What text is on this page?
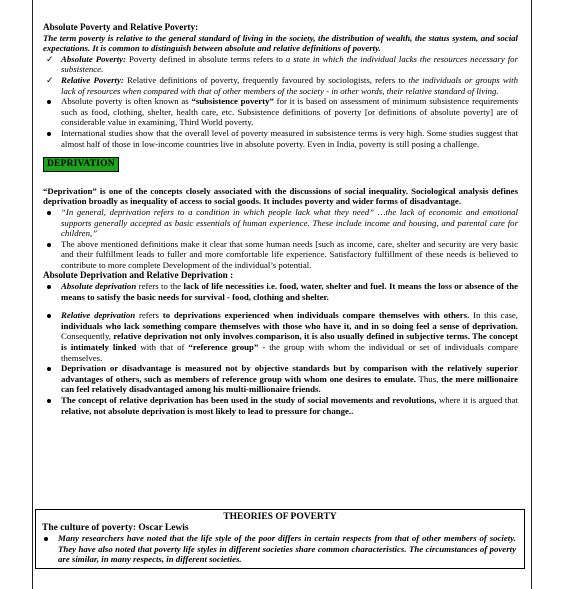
Absolute Poverty and Relative Poverty:
The term poverty is relative to the general standard of living in the society, the distribution of wealth, the status system, and social expectations. It is common to distinguish between absolute and relative definitions of poverty.
✓ Absolute Poverty: Poverty defined in absolute terms refers to a state in which the individual lacks the resources necessary for subsistence.
✓ Relative Poverty: Relative definitions of poverty, frequently favoured by sociologists, refers to the individuals or groups with lack of resources when compared with that of other members of the society - in other words, their relative standard of living.
Absolute poverty is often known as “subsistence poverty” for it is based on assessment of minimum subsistence requirements such as food, clothing, shelter, health care, etc. Subsistence definitions of poverty [or definitions of absolute poverty] are of considerable value in examining, Third World poverty.
International studies show that the overall level of poverty measured in subsistence terms is very high. Some studies suggest that almost half of those in low-income countries live in absolute poverty. Even in India, poverty is still posing a challenge.
DEPRIVATION
“Deprivation” is one of the concepts closely associated with the discussions of social inequality. Sociological analysis defines deprivation broadly as inequality of access to social goods. It includes poverty and wider forms of disadvantage.
“In general, deprivation refers to a condition in which people lack what they need” …the lack of economic and emotional supports generally accepted as basic essentials of human experience. These include income and housing, and parental care for children,”
The above mentioned definitions make it clear that some human needs [such as income, care, shelter and security are very basic and their fulfillment leads to fuller and more comfortable life experience. Satisfactory fulfillment of these needs is believed to contribute to more complete Development of the individual’s potential.
Absolute Deprivation and Relative Deprivation :
Absolute deprivation refers to the lack of life necessities i.e. food, water, shelter and fuel. It means the loss or absence of the means to satisfy the basic needs for survival - food, clothing and shelter.
Relative deprivation refers to deprivations experienced when individuals compare themselves with others. In this case, individuals who lack something compare themselves with those who have it, and in so doing feel a sense of deprivation. Consequently, relative deprivation not only involves comparison, it is also usually defined in subjective terms. The concept is intimately linked with that of “reference group” - the group with whom the individual or set of individuals compare themselves.
Deprivation or disadvantage is measured not by objective standards but by comparison with the relatively superior advantages of others, such as members of reference group with whom one desires to emulate. Thus, the mere millionaire can feel relatively disadvantaged among his multi-millionaire friends.
The concept of relative deprivation has been used in the study of social movements and revolutions, where it is argued that relative, not absolute deprivation is most likely to lead to pressure for change..
THEORIES OF POVERTY
The culture of poverty: Oscar Lewis
Many researchers have noted that the life style of the poor differs in certain respects from that of other members of society. They have also noted that poverty life styles in different societies share common characteristics. The circumstances of poverty are similar, in many respects, in different societies.
